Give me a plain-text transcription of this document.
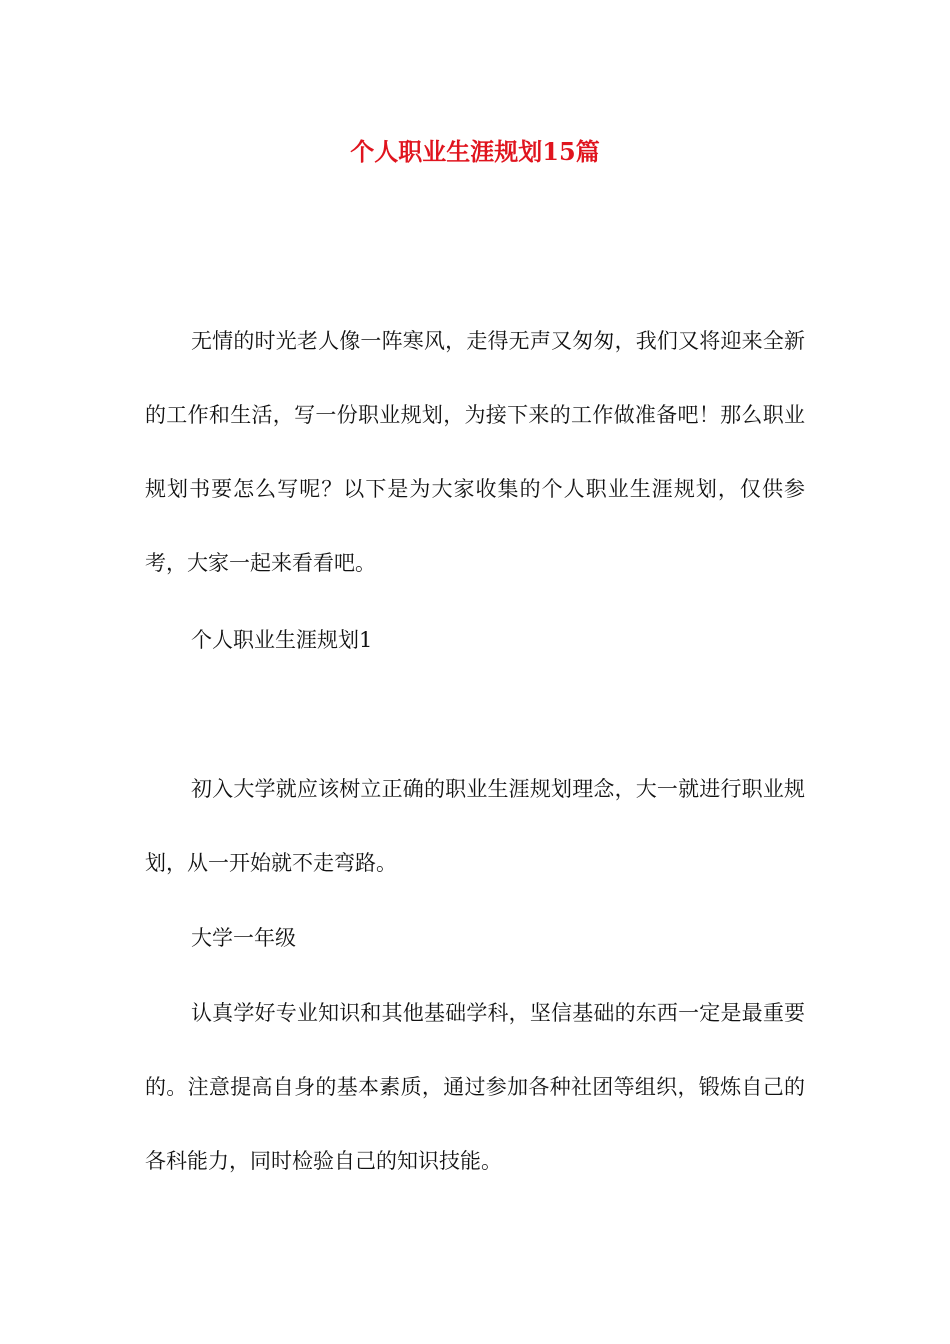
个人职业生涯规划15篇

无情的时光老人像一阵寒风，走得无声又匆匆，我们又将迎来全新的工作和生活，写一份职业规划，为接下来的工作做准备吧！那么职业规划书要怎么写呢？以下是为大家收集的个人职业生涯规划，仅供参考，大家一起来看看吧。

个人职业生涯规划1

初入大学就应该树立正确的职业生涯规划理念，大一就进行职业规划，从一开始就不走弯路。

大学一年级

认真学好专业知识和其他基础学科，坚信基础的东西一定是最重要的。注意提高自身的基本素质，通过参加各种社团等组织，锻炼自己的各科能力，同时检验自己的知识技能。
